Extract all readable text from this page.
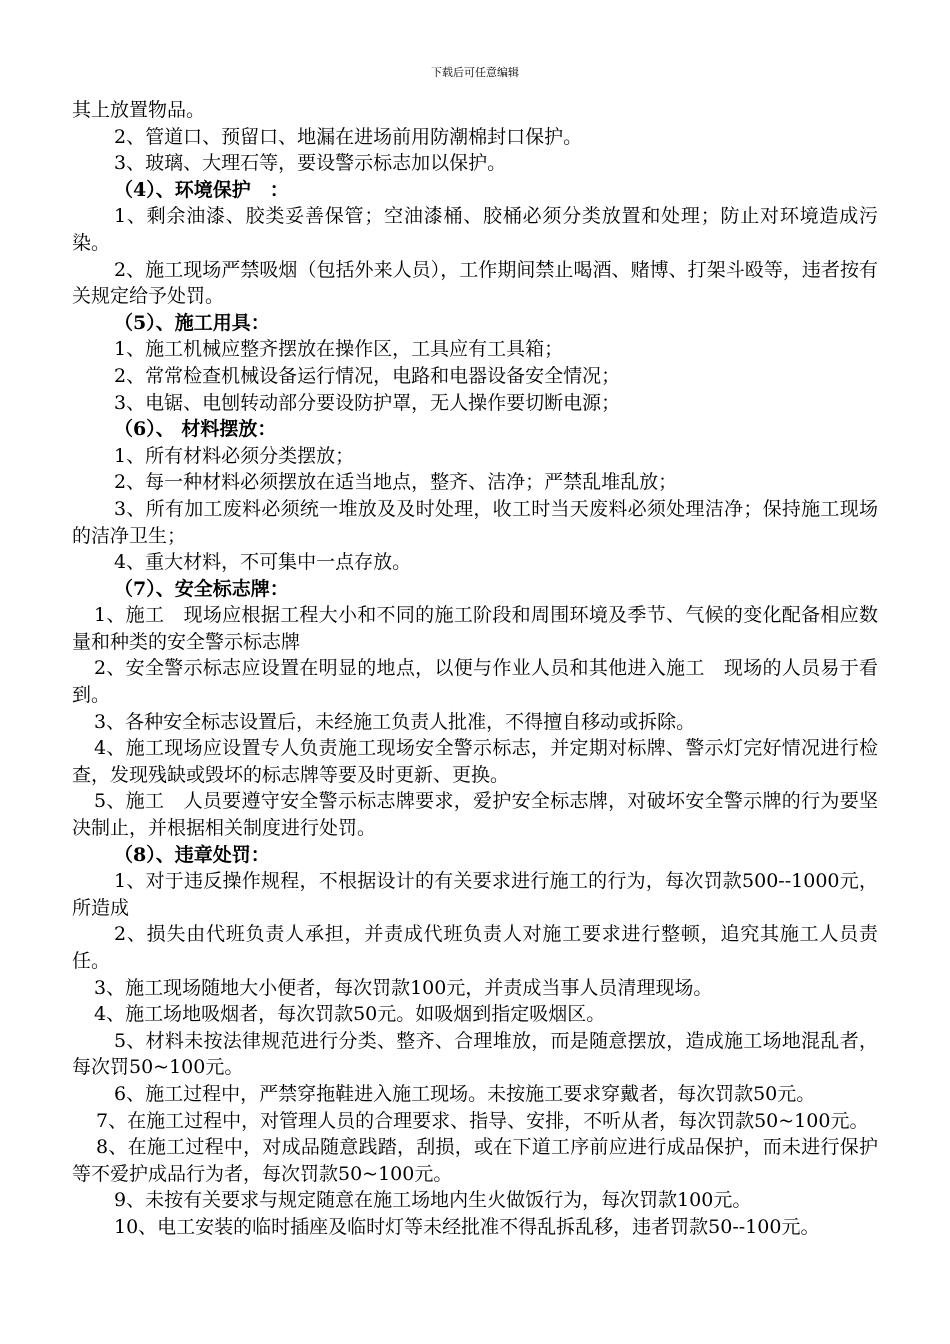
下载后可任意编辑

其上放置物品。

2、管道口、预留口、地漏在进场前用防潮棉封口保护。

3、玻璃、大理石等，要设警示标志加以保护。

（4）、环境保护　：

1、剩余油漆、胶类妥善保管；空油漆桶、胶桶必须分类放置和处理；防止对环境造成污染。

2、施工现场严禁吸烟（包括外来人员），工作期间禁止喝酒、赌博、打架斗殴等，违者按有关规定给予处罚。

（5）、施工用具：

1、施工机械应整齐摆放在操作区，工具应有工具箱；

2、常常检查机械设备运行情况，电路和电器设备安全情况；

3、电锯、电刨转动部分要设防护罩，无人操作要切断电源；

（6）、 材料摆放：

1、所有材料必须分类摆放；

2、每一种材料必须摆放在适当地点，整齐、洁净；严禁乱堆乱放；

3、所有加工废料必须统一堆放及及时处理，收工时当天废料必须处理洁净；保持施工现场的洁净卫生；

4、重大材料，不可集中一点存放。

（7）、安全标志牌：

1、施工　现场应根据工程大小和不同的施工阶段和周围环境及季节、气候的变化配备相应数量和种类的安全警示标志牌

2、安全警示标志应设置在明显的地点，以便与作业人员和其他进入施工　现场的人员易于看到。

3、各种安全标志设置后，未经施工负责人批准，不得擅自移动或拆除。

4、施工现场应设置专人负责施工现场安全警示标志，并定期对标牌、警示灯完好情况进行检查，发现残缺或毁坏的标志牌等要及时更新、更换。

5、施工　人员要遵守安全警示标志牌要求，爱护安全标志牌，对破坏安全警示牌的行为要坚决制止，并根据相关制度进行处罚。

（8）、违章处罚：

1、对于违反操作规程，不根据设计的有关要求进行施工的行为，每次罚款500--1000元，所造成

2、损失由代班负责人承担，并责成代班负责人对施工要求进行整顿，追究其施工人员责任。

3、施工现场随地大小便者，每次罚款100元，并责成当事人员清理现场。

4、施工场地吸烟者，每次罚款50元。如吸烟到指定吸烟区。

5、材料未按法律规范进行分类、整齐、合理堆放，而是随意摆放，造成施工场地混乱者，每次罚50~100元。

6、施工过程中，严禁穿拖鞋进入施工现场。未按施工要求穿戴者，每次罚款50元。

7、在施工过程中，对管理人员的合理要求、指导、安排，不听从者，每次罚款50~100元。

8、在施工过程中，对成品随意践踏，刮损，或在下道工序前应进行成品保护，而未进行保护等不爱护成品行为者，每次罚款50~100元。

9、未按有关要求与规定随意在施工场地内生火做饭行为，每次罚款100元。

10、电工安装的临时插座及临时灯等未经批准不得乱拆乱移，违者罚款50--100元。
